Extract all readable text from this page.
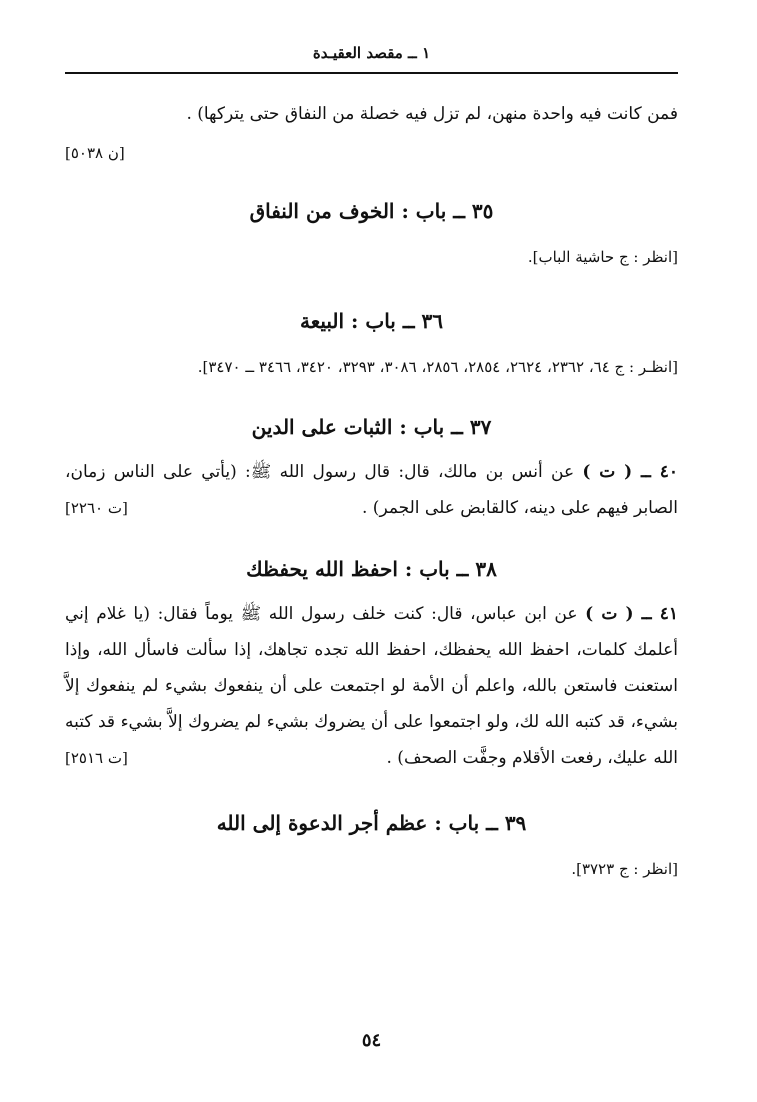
١ ــ مقصد العقيـدة

فمن كانت فيه واحدة منهن، لم تزل فيه خصلة من النفاق حتى يتركها) .

[ن ٥٠٣٨]

٣٥ ــ باب : الخوف من النفاق

[انظر : ج حاشية الباب].

٣٦ ــ باب : البيعة

[انظـر : ج ٦٤، ٢٣٦٢، ٢٦٢٤، ٢٨٥٤، ٢٨٥٦، ٣٠٨٦، ٣٢٩٣، ٣٤٢٠، ٣٤٦٦ ــ ٣٤٧٠].

٣٧ ــ باب : الثبات على الدين
٤٠ ــ ( ت ) عن أنس بن مالك، قال: قال رسول الله ﷺ: (يأتي على الناس زمان، الصابر فيهم على دينه، كالقابض على الجمر) .
[ت ٢٢٦٠]
٣٨ ــ باب : احفظ الله يحفظك
٤١ ــ ( ت ) عن ابن عباس، قال: كنت خلف رسول الله ﷺ يوماً فقال: (يا غلام إني أعلمك كلمات، احفظ الله يحفظك، احفظ الله تجده تجاهك، إذا سألت فاسأل الله، وإذا استعنت فاستعن بالله، واعلم أن الأمة لو اجتمعت على أن ينفعوك بشيء لم ينفعوك إلاَّ بشيء، قد كتبه الله لك، ولو اجتمعوا على أن يضروك بشيء لم يضروك إلاَّ بشيء قد كتبه الله عليك، رفعت الأقلام وجفَّت الصحف) .
[ت ٢٥١٦]
٣٩ ــ باب : عظم أجر الدعوة إلى الله

[انظر : ج ٣٧٢٣].

٥٤
